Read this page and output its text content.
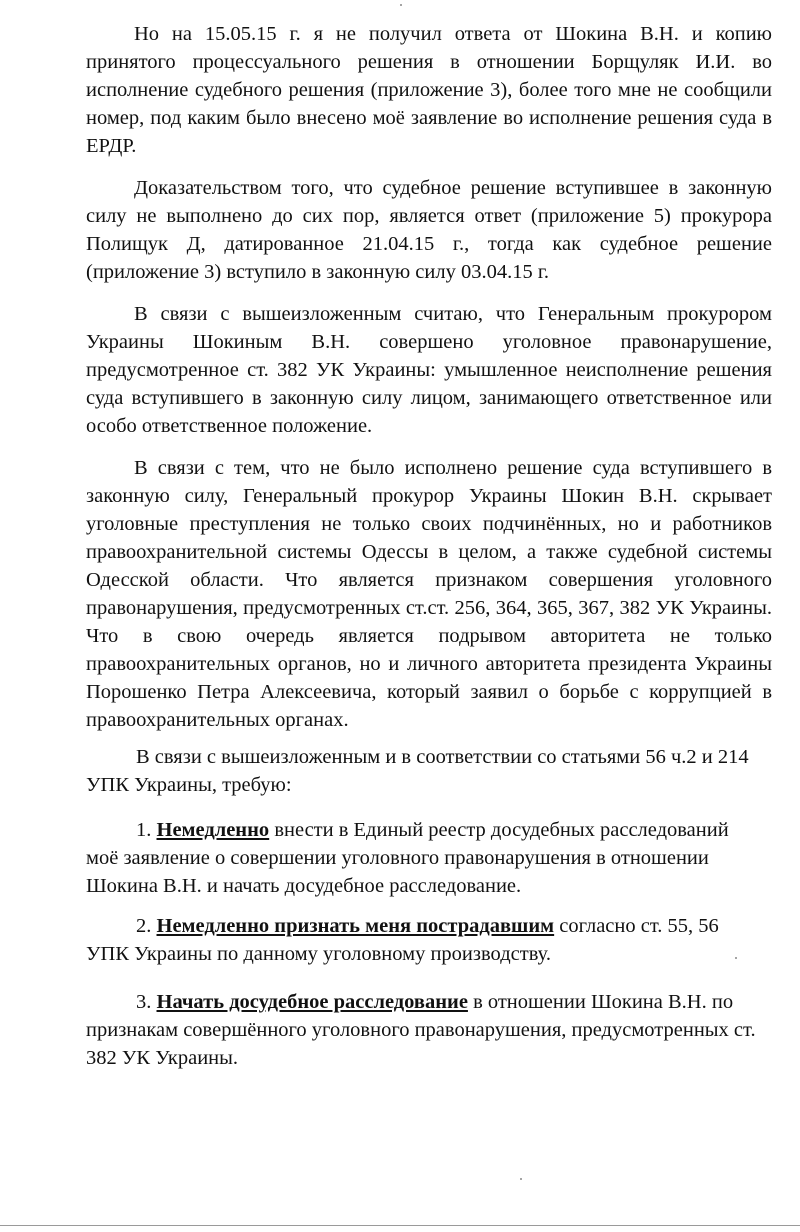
Но на 15.05.15 г. я не получил ответа от Шокина В.Н. и копию принятого процессуального решения в отношении Борщуляк И.И. во исполнение судебного решения (приложение 3), более того мне не сообщили номер, под каким было внесено моё заявление во исполнение решения суда в ЕРДР.

Доказательством того, что судебное решение вступившее в законную силу не выполнено до сих пор, является ответ (приложение 5) прокурора Полищук Д, датированное 21.04.15 г., тогда как судебное решение (приложение 3) вступило в законную силу 03.04.15 г.

В связи с вышеизложенным считаю, что Генеральным прокурором Украины Шокиным В.Н. совершено уголовное правонарушение, предусмотренное ст. 382 УК Украины: умышленное неисполнение решения суда вступившего в законную силу лицом, занимающего ответственное или особо ответственное положение.

В связи с тем, что не было исполнено решение суда вступившего в законную силу, Генеральный прокурор Украины Шокин В.Н. скрывает уголовные преступления не только своих подчинённых, но и работников правоохранительной системы Одессы в целом, а также судебной системы Одесской области. Что является признаком совершения уголовного правонарушения, предусмотренных ст.ст. 256, 364, 365, 367, 382 УК Украины. Что в свою очередь является подрывом авторитета не только правоохранительных органов, но и личного авторитета президента Украины Порошенко Петра Алексеевича, который заявил о борьбе с коррупцией в правоохранительных органах.

В связи с вышеизложенным и в соответствии со статьями 56 ч.2 и 214 УПК Украины, требую:

1. Немедленно внести в Единый реестр досудебных расследований моё заявление о совершении уголовного правонарушения в отношении Шокина В.Н. и начать досудебное расследование.

2. Немедленно признать меня пострадавшим согласно ст. 55, 56 УПК Украины по данному уголовному производству.

3. Начать досудебное расследование в отношении Шокина В.Н. по признакам совершённого уголовного правонарушения, предусмотренных ст. 382 УК Украины.
